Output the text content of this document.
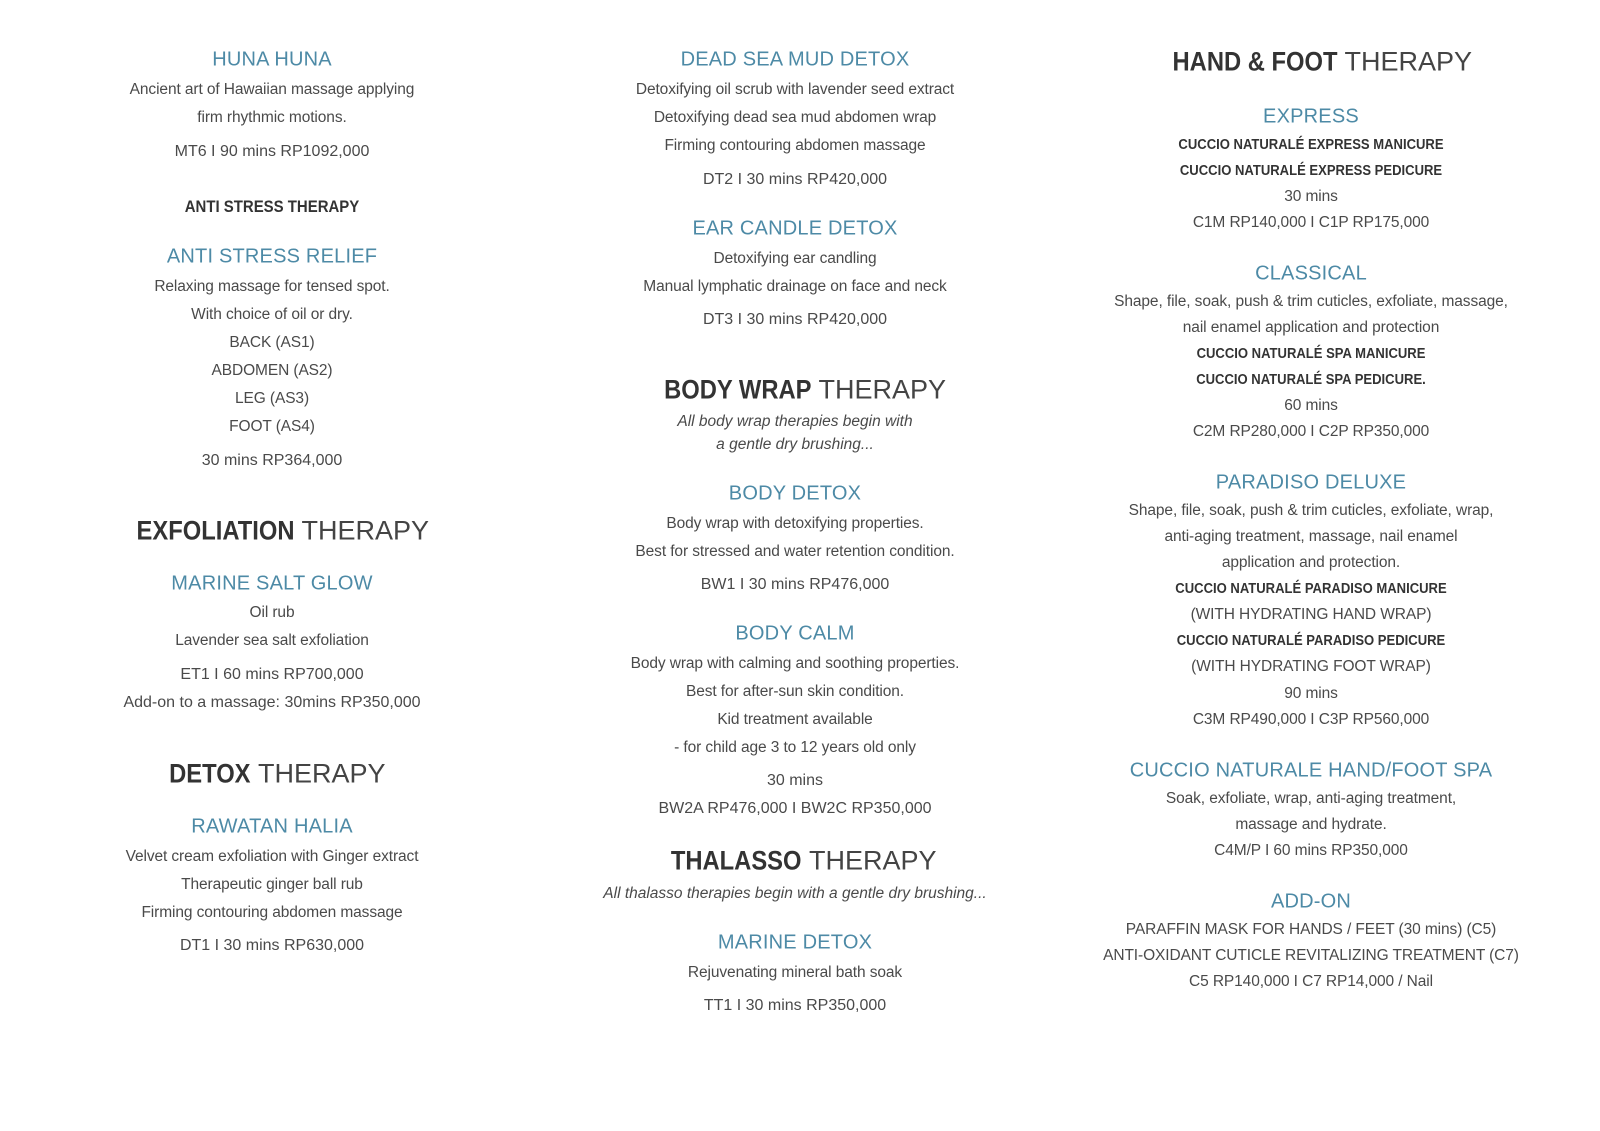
HUNA HUNA
Ancient art of Hawaiian massage applying
firm rhythmic motions.
MT6 I 90 mins RP1092,000
ANTI STRESS THERAPY
ANTI STRESS RELIEF
Relaxing massage for tensed spot.
With choice of oil or dry.
BACK (AS1)
ABDOMEN (AS2)
LEG (AS3)
FOOT (AS4)
30 mins RP364,000
EXFOLIATION THERAPY
MARINE SALT GLOW
Oil rub
Lavender sea salt exfoliation
ET1 I 60 mins RP700,000
Add-on to a massage: 30mins RP350,000
DETOX THERAPY
RAWATAN HALIA
Velvet cream exfoliation with Ginger extract
Therapeutic ginger ball rub
Firming contouring abdomen massage
DT1 I 30 mins RP630,000
DEAD SEA MUD DETOX
Detoxifying oil scrub with lavender seed extract
Detoxifying dead sea mud abdomen wrap
Firming contouring abdomen massage
DT2 I 30 mins RP420,000
EAR CANDLE DETOX
Detoxifying ear candling
Manual lymphatic drainage on face and neck
DT3 I 30 mins RP420,000
BODY WRAP THERAPY
All body wrap therapies begin with
a gentle dry brushing...
BODY DETOX
Body wrap with detoxifying properties.
Best for stressed and water retention condition.
BW1 I 30 mins RP476,000
BODY CALM
Body wrap with calming and soothing properties.
Best for after-sun skin condition.
Kid treatment available
- for child age 3 to 12 years old only
30 mins
BW2A RP476,000 I BW2C RP350,000
THALASSO THERAPY
All thalasso therapies begin with a gentle dry brushing...
MARINE DETOX
Rejuvenating mineral bath soak
TT1 I 30 mins RP350,000
HAND & FOOT THERAPY
EXPRESS
CUCCIO NATURALÉ EXPRESS MANICURE
CUCCIO NATURALÉ EXPRESS PEDICURE
30 mins
C1M RP140,000 I C1P RP175,000
CLASSICAL
Shape, file, soak, push & trim cuticles, exfoliate, massage,
nail enamel application and protection
CUCCIO NATURALÉ SPA MANICURE
CUCCIO NATURALÉ SPA PEDICURE.
60 mins
C2M RP280,000 I C2P RP350,000
PARADISO DELUXE
Shape, file, soak, push & trim cuticles, exfoliate, wrap,
anti-aging treatment, massage, nail enamel
application and protection.
CUCCIO NATURALÉ PARADISO MANICURE
(WITH HYDRATING HAND WRAP)
CUCCIO NATURALÉ PARADISO PEDICURE
(WITH HYDRATING FOOT WRAP)
90 mins
C3M RP490,000 I C3P RP560,000
CUCCIO NATURALE HAND/FOOT SPA
Soak, exfoliate, wrap, anti-aging treatment,
massage and hydrate.
C4M/P I 60 mins RP350,000
ADD-ON
PARAFFIN MASK FOR HANDS / FEET (30 mins) (C5)
ANTI-OXIDANT CUTICLE REVITALIZING TREATMENT (C7)
C5 RP140,000 I C7 RP14,000 / Nail
